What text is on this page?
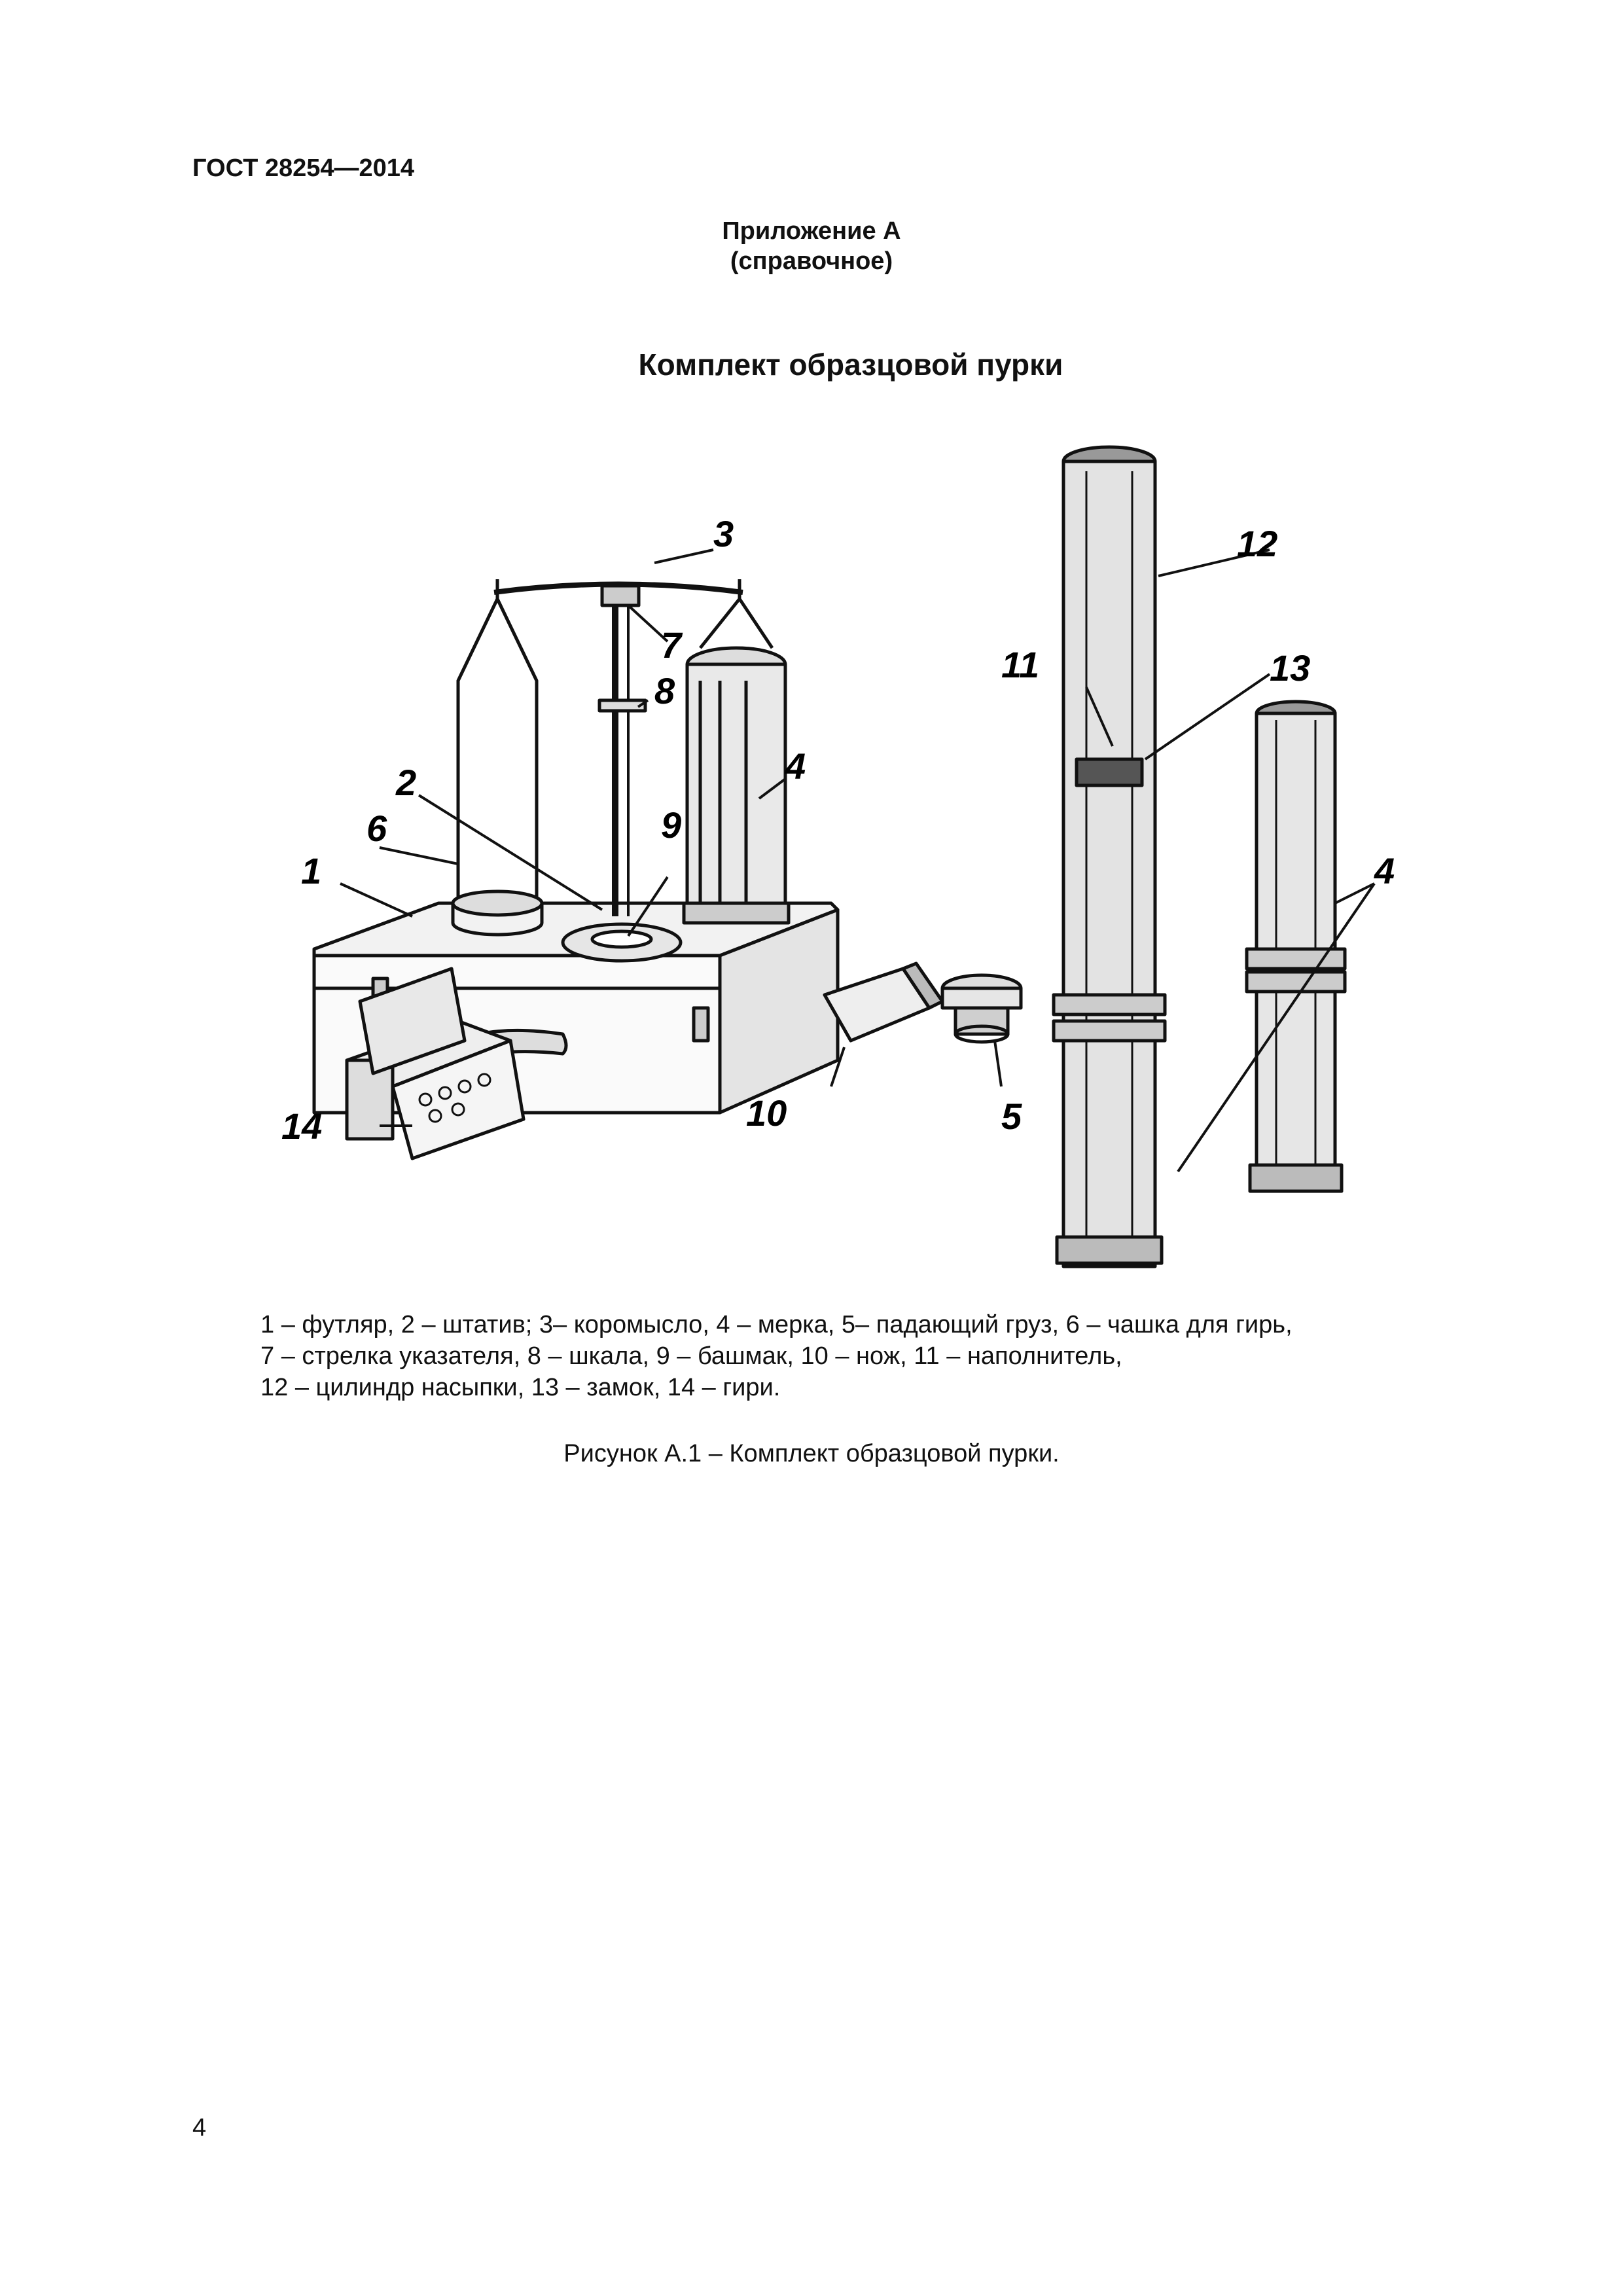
ГОСТ 28254—2014
Приложение А
(справочное)
Комплект образцовой пурки
1
2
3
4
5
6
7
8
9
10
11
12
13
14
4
1 – футляр, 2 – штатив; 3– коромысло, 4 – мерка, 5– падающий груз, 6 – чашка для гирь,
7 – стрелка указателя, 8 – шкала, 9 – башмак, 10 – нож, 11 – наполнитель,
12 – цилиндр насыпки, 13 – замок, 14 – гири.
Рисунок А.1 – Комплект образцовой пурки.
4
